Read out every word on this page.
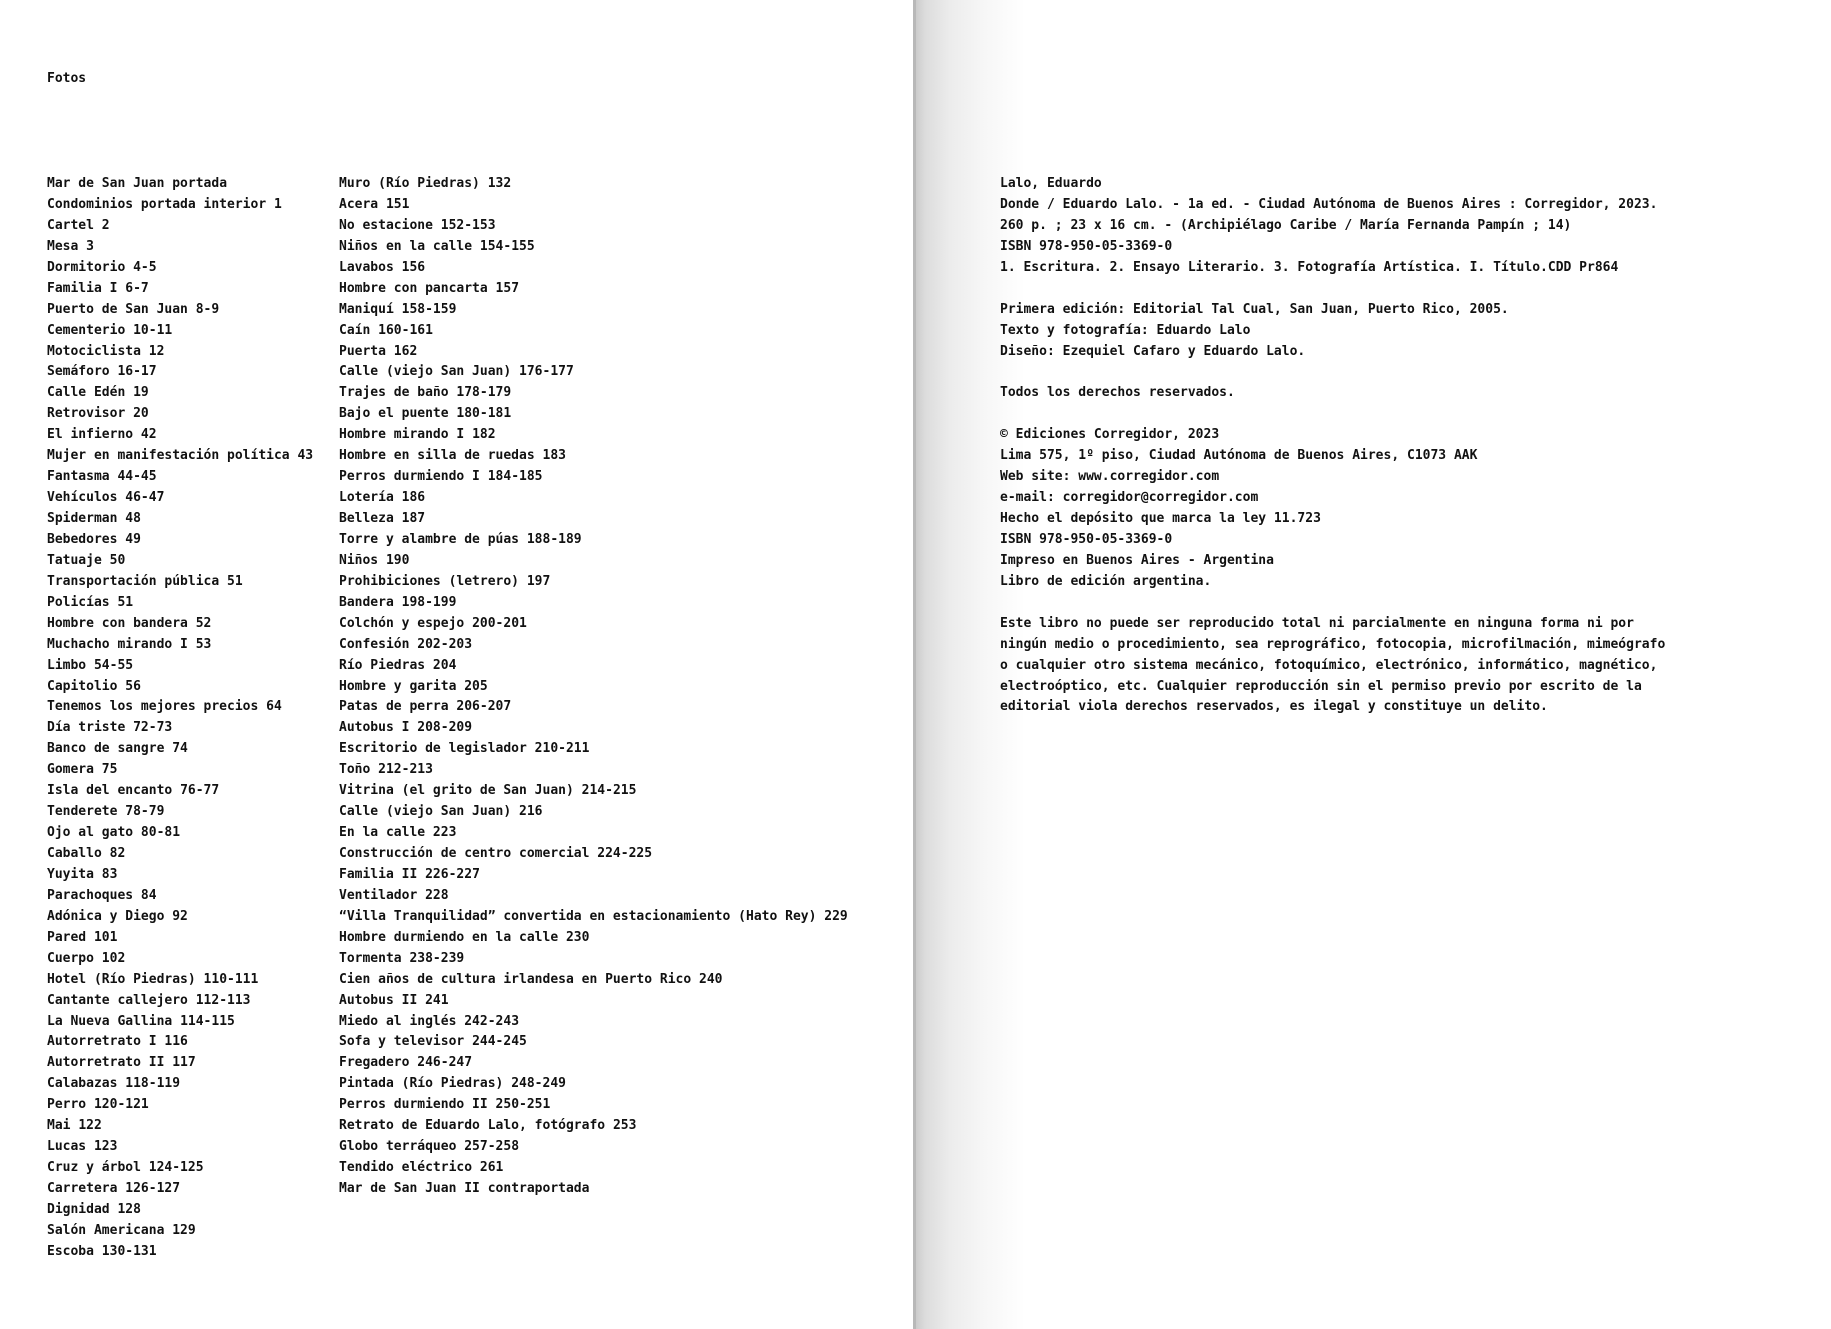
Fotos
Mar de San Juan portada
Condominios portada interior 1
Cartel 2
Mesa 3
Dormitorio 4-5
Familia I 6-7
Puerto de San Juan 8-9
Cementerio 10-11
Motociclista 12
Semáforo 16-17
Calle Edén 19
Retrovisor 20
El infierno 42
Mujer en manifestación política 43
Fantasma 44-45
Vehículos 46-47
Spiderman 48
Bebedores 49
Tatuaje 50
Transportación pública 51
Policías 51
Hombre con bandera 52
Muchacho mirando I 53
Limbo 54-55
Capitolio 56
Tenemos los mejores precios 64
Día triste 72-73
Banco de sangre 74
Gomera 75
Isla del encanto 76-77
Tenderete 78-79
Ojo al gato 80-81
Caballo 82
Yuyita 83
Parachoques 84
Adónica y Diego 92
Pared 101
Cuerpo 102
Hotel (Río Piedras) 110-111
Cantante callejero 112-113
La Nueva Gallina 114-115
Autorretrato I 116
Autorretrato II 117
Calabazas 118-119
Perro 120-121
Mai 122
Lucas 123
Cruz y árbol 124-125
Carretera 126-127
Dignidad 128
Salón Americana 129
Escoba 130-131
Muro (Río Piedras) 132
Acera 151
No estacione 152-153
Niños en la calle 154-155
Lavabos 156
Hombre con pancarta 157
Maniquí 158-159
Caín 160-161
Puerta 162
Calle (viejo San Juan) 176-177
Trajes de baño 178-179
Bajo el puente 180-181
Hombre mirando I 182
Hombre en silla de ruedas 183
Perros durmiendo I 184-185
Lotería 186
Belleza 187
Torre y alambre de púas 188-189
Niños 190
Prohibiciones (letrero) 197
Bandera 198-199
Colchón y espejo 200-201
Confesión 202-203
Río Piedras 204
Hombre y garita 205
Patas de perra 206-207
Autobus I 208-209
Escritorio de legislador 210-211
Toño 212-213
Vitrina (el grito de San Juan) 214-215
Calle (viejo San Juan) 216
En la calle 223
Construcción de centro comercial 224-225
Familia II 226-227
Ventilador 228
“Villa Tranquilidad” convertida en estacionamiento (Hato Rey) 229
Hombre durmiendo en la calle 230
Tormenta 238-239
Cien años de cultura irlandesa en Puerto Rico 240
Autobus II 241
Miedo al inglés 242-243
Sofa y televisor 244-245
Fregadero 246-247
Pintada (Río Piedras) 248-249
Perros durmiendo II 250-251
Retrato de Eduardo Lalo, fotógrafo 253
Globo terráqueo 257-258
Tendido eléctrico 261
Mar de San Juan II contraportada
Lalo, Eduardo
Donde / Eduardo Lalo. - 1a ed. - Ciudad Autónoma de Buenos Aires : Corregidor, 2023.
260 p. ; 23 x 16 cm. - (Archipiélago Caribe / María Fernanda Pampín ; 14)
ISBN 978-950-05-3369-0
1. Escritura. 2. Ensayo Literario. 3. Fotografía Artística. I. Título.CDD Pr864
Primera edición: Editorial Tal Cual, San Juan, Puerto Rico, 2005.
Texto y fotografía: Eduardo Lalo
Diseño: Ezequiel Cafaro y Eduardo Lalo.
Todos los derechos reservados.
© Ediciones Corregidor, 2023
Lima 575, 1º piso, Ciudad Autónoma de Buenos Aires, C1073 AAK
Web site: www.corregidor.com
e-mail: corregidor@corregidor.com
Hecho el depósito que marca la ley 11.723
ISBN 978-950-05-3369-0
Impreso en Buenos Aires - Argentina
Libro de edición argentina.
Este libro no puede ser reproducido total ni parcialmente en ninguna forma ni por
ningún medio o procedimiento, sea reprográfico, fotocopia, microfilmación, mimeógrafo
o cualquier otro sistema mecánico, fotoquímico, electrónico, informático, magnético,
electroóptico, etc. Cualquier reproducción sin el permiso previo por escrito de la
editorial viola derechos reservados, es ilegal y constituye un delito.
